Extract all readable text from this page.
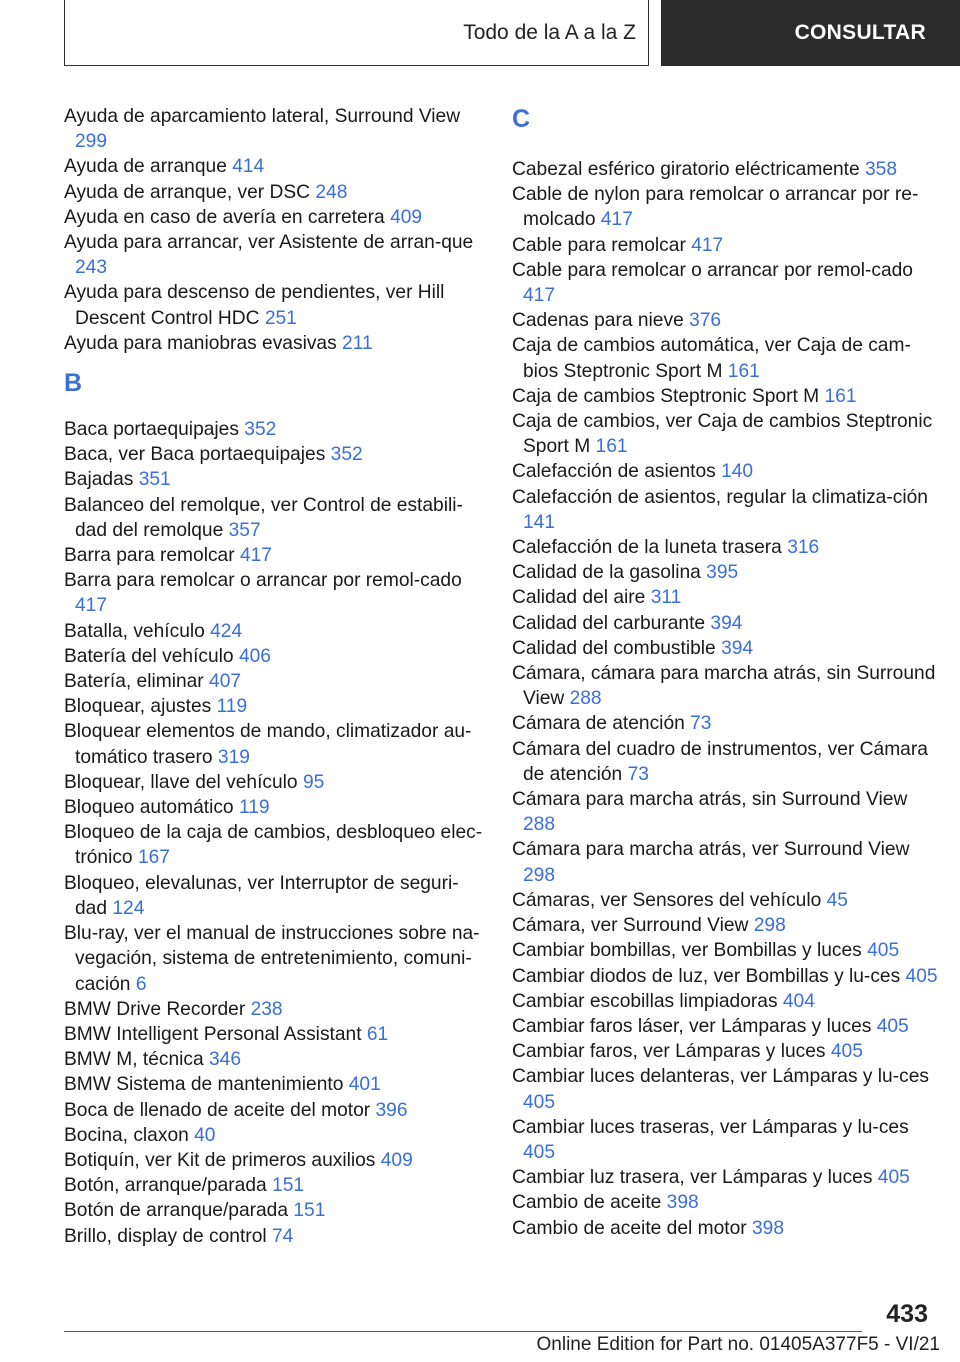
Todo de la A a la Z	CONSULTAR
Ayuda de aparcamiento lateral, Surround View 299
Ayuda de arranque 414
Ayuda de arranque, ver DSC 248
Ayuda en caso de avería en carretera 409
Ayuda para arrancar, ver Asistente de arran-que 243
Ayuda para descenso de pendientes, ver Hill Descent Control HDC 251
Ayuda para maniobras evasivas 211
B
Baca portaequipajes 352
Baca, ver Baca portaequipajes 352
Bajadas 351
Balanceo del remolque, ver Control de estabili-dad del remolque 357
Barra para remolcar 417
Barra para remolcar o arrancar por remol-cado 417
Batalla, vehículo 424
Batería del vehículo 406
Batería, eliminar 407
Bloquear, ajustes 119
Bloquear elementos de mando, climatizador au-tomático trasero 319
Bloquear, llave del vehículo 95
Bloqueo automático 119
Bloqueo de la caja de cambios, desbloqueo elec-trónico 167
Bloqueo, elevalunas, ver Interruptor de seguri-dad 124
Blu-ray, ver el manual de instrucciones sobre na-vegación, sistema de entretenimiento, comuni-cación 6
BMW Drive Recorder 238
BMW Intelligent Personal Assistant 61
BMW M, técnica 346
BMW Sistema de mantenimiento 401
Boca de llenado de aceite del motor 396
Bocina, claxon 40
Botiquín, ver Kit de primeros auxilios 409
Botón, arranque/parada 151
Botón de arranque/parada 151
Brillo, display de control 74
C
Cabezal esférico giratorio eléctricamente 358
Cable de nylon para remolcar o arrancar por re-molcado 417
Cable para remolcar 417
Cable para remolcar o arrancar por remol-cado 417
Cadenas para nieve 376
Caja de cambios automática, ver Caja de cam-bios Steptronic Sport M 161
Caja de cambios Steptronic Sport M 161
Caja de cambios, ver Caja de cambios Steptronic Sport M 161
Calefacción de asientos 140
Calefacción de asientos, regular la climatiza-ción 141
Calefacción de la luneta trasera 316
Calidad de la gasolina 395
Calidad del aire 311
Calidad del carburante 394
Calidad del combustible 394
Cámara, cámara para marcha atrás, sin Surround View 288
Cámara de atención 73
Cámara del cuadro de instrumentos, ver Cámara de atención 73
Cámara para marcha atrás, sin Surround View 288
Cámara para marcha atrás, ver Surround View 298
Cámaras, ver Sensores del vehículo 45
Cámara, ver Surround View 298
Cambiar bombillas, ver Bombillas y luces 405
Cambiar diodos de luz, ver Bombillas y lu-ces 405
Cambiar escobillas limpiadoras 404
Cambiar faros láser, ver Lámparas y luces 405
Cambiar faros, ver Lámparas y luces 405
Cambiar luces delanteras, ver Lámparas y lu-ces 405
Cambiar luces traseras, ver Lámparas y lu-ces 405
Cambiar luz trasera, ver Lámparas y luces 405
Cambio de aceite 398
Cambio de aceite del motor 398
433
Online Edition for Part no. 01405A377F5 - VI/21
